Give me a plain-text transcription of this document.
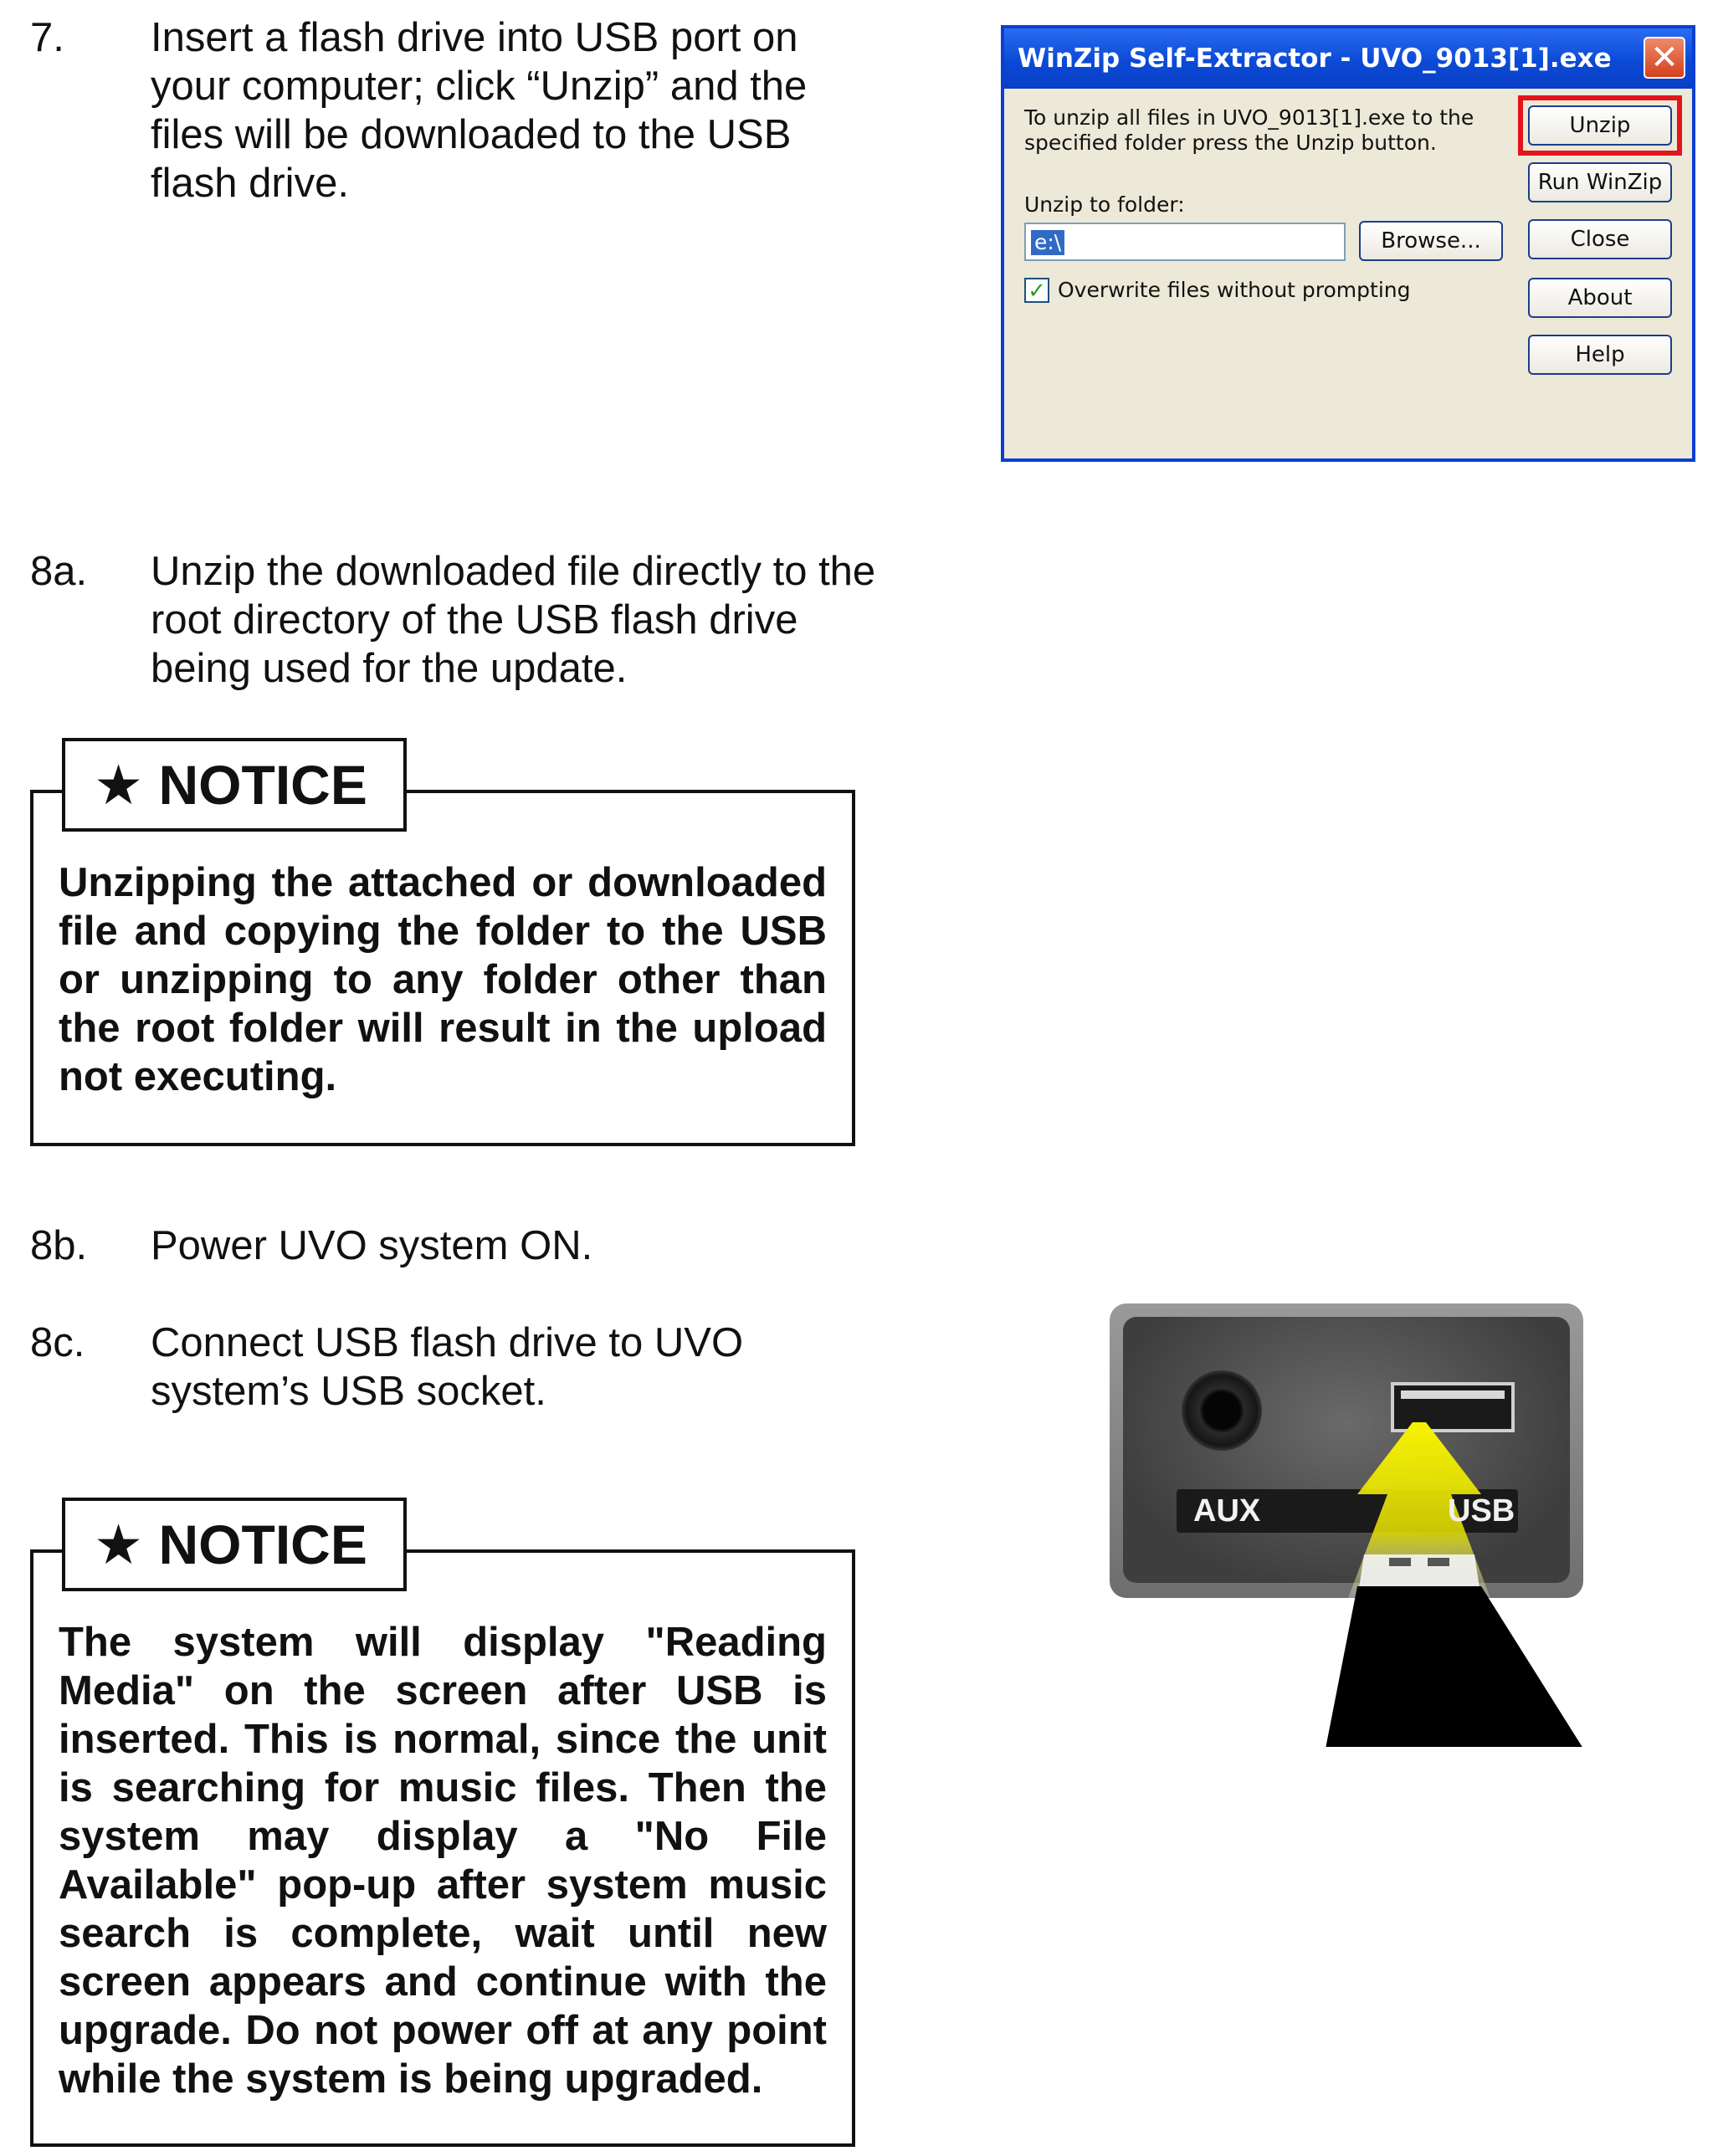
7. Insert a flash drive into USB port on your computer; click “Unzip” and the files will be downloaded to the USB flash drive.
WinZip Self-Extractor - UVO_9013[1].exe	✕
To unzip all files in UVO_9013[1].exe to the specified folder press the Unzip button.
Unzip to folder:
e:\	Browse...
✓ Overwrite files without prompting
Unzip
Run WinZip
Close
About
Help
8a. Unzip the downloaded file directly to the root directory of the USB flash drive being used for the update.
★ NOTICE
Unzipping the attached or downloaded file and copying the folder to the USB or unzipping to any folder other than the root folder will result in the upload not executing.
8b. Power UVO system ON.
8c. Connect USB flash drive to UVO system’s USB socket.
★ NOTICE
The system will display "Reading Media" on the screen after USB is inserted. This is normal, since the unit is searching for music files. Then the system may display a "No File Available" pop-up after system music search is complete, wait until new screen appears and continue with the upgrade. Do not power off at any point while the system is being upgraded.
AUX	USB
